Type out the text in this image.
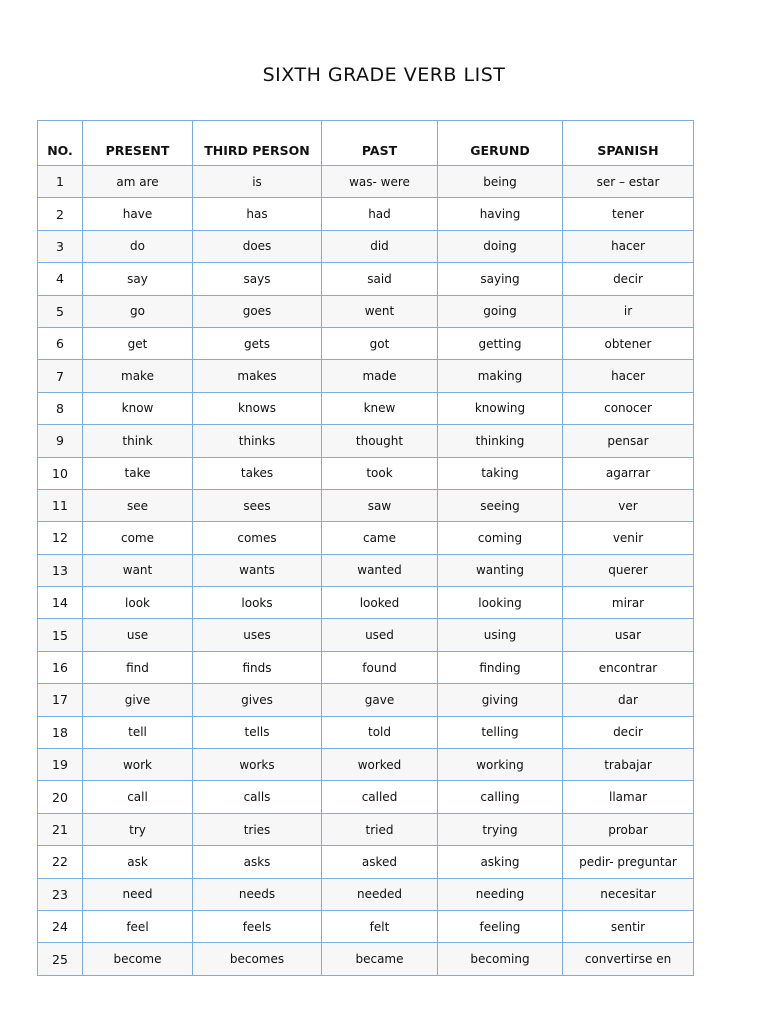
SIXTH GRADE VERB LIST
NO.	PRESENT	THIRD PERSON	PAST	GERUND	SPANISH
1	am are	is	was- were	being	ser – estar
2	have	has	had	having	tener
3	do	does	did	doing	hacer
4	say	says	said	saying	decir
5	go	goes	went	going	ir
6	get	gets	got	getting	obtener
7	make	makes	made	making	hacer
8	know	knows	knew	knowing	conocer
9	think	thinks	thought	thinking	pensar
10	take	takes	took	taking	agarrar
11	see	sees	saw	seeing	ver
12	come	comes	came	coming	venir
13	want	wants	wanted	wanting	querer
14	look	looks	looked	looking	mirar
15	use	uses	used	using	usar
16	find	finds	found	finding	encontrar
17	give	gives	gave	giving	dar
18	tell	tells	told	telling	decir
19	work	works	worked	working	trabajar
20	call	calls	called	calling	llamar
21	try	tries	tried	trying	probar
22	ask	asks	asked	asking	pedir- preguntar
23	need	needs	needed	needing	necesitar
24	feel	feels	felt	feeling	sentir
25	become	becomes	became	becoming	convertirse en
